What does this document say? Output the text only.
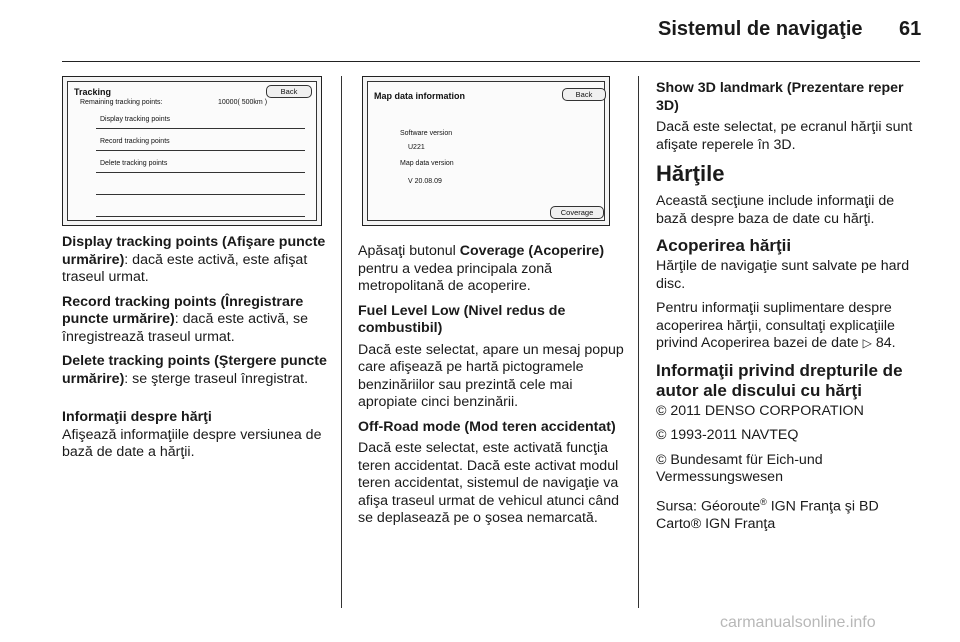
Sistemul de navigaţie 61
Tracking	Back
Remaining tracking points:	10000( 500km )
Display tracking points
Record tracking points
Delete tracking points
Map data information	Back
Software version
U221
Map data version
V 20.08.09
Coverage

Display tracking points (Afişare puncte urmărire): dacă este activă, este afişat traseul urmat.

Record tracking points (Înregistrare puncte urmărire): dacă este activă, se înregistrează traseul urmat.

Delete tracking points (Ştergere puncte urmărire): se şterge traseul înregistrat.

Informaţii despre hărţi

Afişează informaţiile despre versiunea de bază de date a hărţii.

Apăsaţi butonul Coverage (Acoperire) pentru a vedea principala zonă metropolitană de acoperire.

Fuel Level Low (Nivel redus de combustibil)

Dacă este selectat, apare un mesaj popup care afişează pe hartă pictogramele benzinăriilor sau prezintă cele mai apropiate cinci benzinării.

Off-Road mode (Mod teren accidentat)

Dacă este selectat, este activată funcţia teren accidentat. Dacă este activat modul teren accidentat, sistemul de navigaţie va afişa traseul urmat de vehicul atunci când se deplasează pe o şosea nemarcată.

Show 3D landmark (Prezentare reper 3D)

Dacă este selectat, pe ecranul hărţii sunt afişate reperele în 3D.

Hărţile

Această secţiune include informaţii de bază despre baza de date cu hărţi.

Acoperirea hărţii

Hărţile de navigaţie sunt salvate pe hard disc.

Pentru informaţii suplimentare despre acoperirea hărţii, consultaţi explicaţiile privind Acoperirea bazei de date ▷ 84.

Informaţii privind drepturile de autor ale discului cu hărţi

© 2011 DENSO CORPORATION

© 1993-2011 NAVTEQ

© Bundesamt für Eich-und Vermessungswesen

Sursa: Géoroute® IGN Franţa şi BD Carto® IGN Franţa

carmanualsonline.info
